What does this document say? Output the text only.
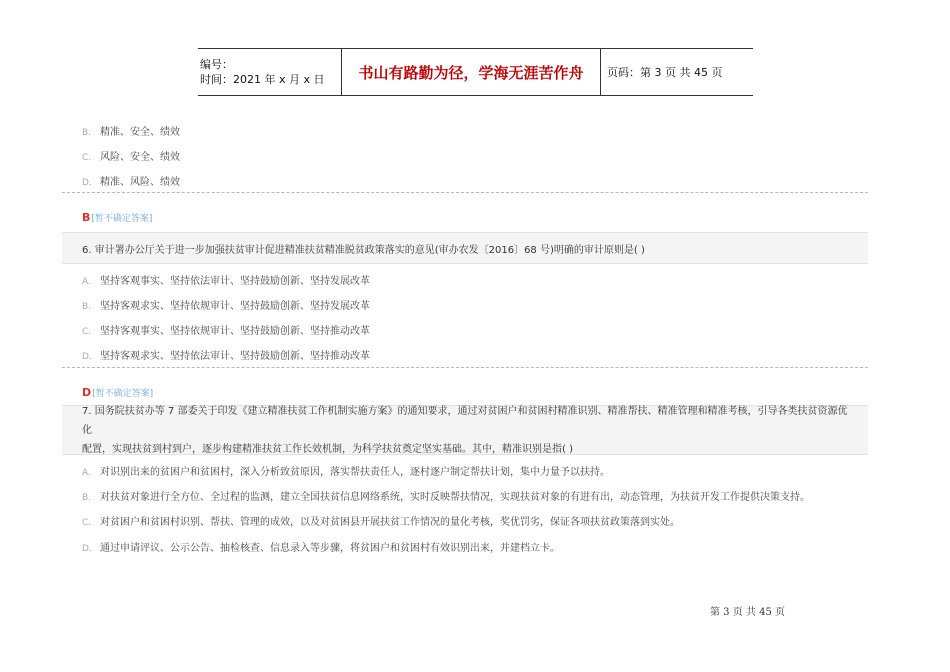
编号：
时间：2021 年 x 月 x 日	书山有路勤为径，学海无涯苦作舟	页码：第 3 页 共 45 页
B. 精准、安全、绩效
C. 风险、安全、绩效
D. 精准、风险、绩效
B[暂不确定答案]
6. 审计署办公厅关于进一步加强扶贫审计促进精准扶贫精准脱贫政策落实的意见(审办农发〔2016〕68 号)明确的审计原则是( )
A. 坚持客观事实、坚持依法审计、坚持鼓励创新、坚持发展改革
B. 坚持客观求实、坚持依规审计、坚持鼓励创新、坚持发展改革
C. 坚持客观事实、坚持依规审计、坚持鼓励创新、坚持推动改革
D. 坚持客观求实、坚持依法审计、坚持鼓励创新、坚持推动改革
D[暂不确定答案]
7. 国务院扶贫办等 7 部委关于印发《建立精准扶贫工作机制实施方案》的通知要求，通过对贫困户和贫困村精准识别、精准帮扶、精准管理和精准考核，引导各类扶贫资源优化
配置，实现扶贫到村到户，逐步构建精准扶贫工作长效机制，为科学扶贫奠定坚实基础。其中，精准识别是指( )
A. 对识别出来的贫困户和贫困村，深入分析致贫原因，落实帮扶责任人，逐村逐户制定帮扶计划，集中力量予以扶持。
B. 对扶贫对象进行全方位、全过程的监测，建立全国扶贫信息网络系统，实时反映帮扶情况，实现扶贫对象的有进有出，动态管理，为扶贫开发工作提供决策支持。
C. 对贫困户和贫困村识别、帮扶、管理的成效，以及对贫困县开展扶贫工作情况的量化考核，奖优罚劣，保证各项扶贫政策落到实处。
D. 通过申请评议、公示公告、抽检核查、信息录入等步骤，将贫困户和贫困村有效识别出来，并建档立卡。
第 3 页 共 45 页
